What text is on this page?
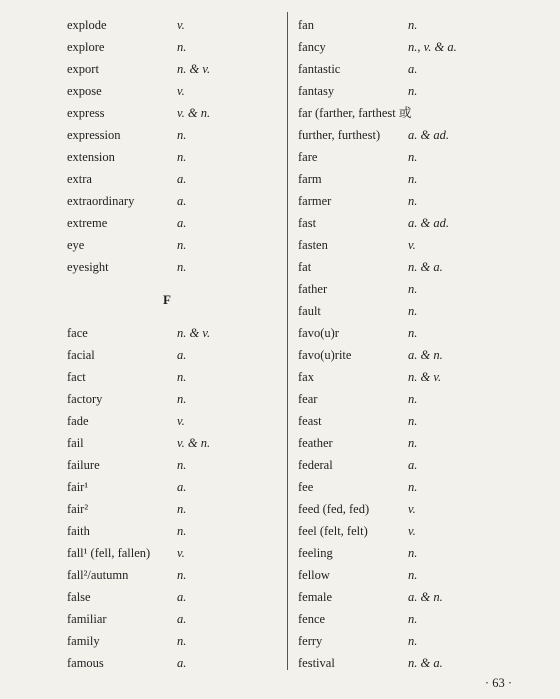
explode	v.
explore	n.
export	n. & v.
expose	v.
express	v. & n.
expression	n.
extension	n.
extra	a.
extraordinary	a.
extreme	a.
eye	n.
eyesight	n.
F
face	n. & v.
facial	a.
fact	n.
factory	n.
fade	v.
fail	v. & n.
failure	n.
fair¹	a.
fair²	n.
faith	n.
fall¹ (fell, fallen) v.
fall²/autumn	n.
false	a.
familiar	a.
family	n.
famous	a.
fan	n.
fancy	n., v. & a.
fantastic	a.
fantasy	n.
far (farther, farthest 或
further, furthest) a. & ad.
fare	n.
farm	n.
farmer	n.
fast	a. & ad.
fasten	v.
fat	n. & a.
father	n.
fault	n.
favo(u)r	n.
favo(u)rite	a. & n.
fax	n. & v.
fear	n.
feast	n.
feather	n.
federal	a.
fee	n.
feed (fed, fed)	v.
feel (felt, felt)	v.
feeling	n.
fellow	n.
female	a. & n.
fence	n.
ferry	n.
festival	n. & a.
· 63 ·
